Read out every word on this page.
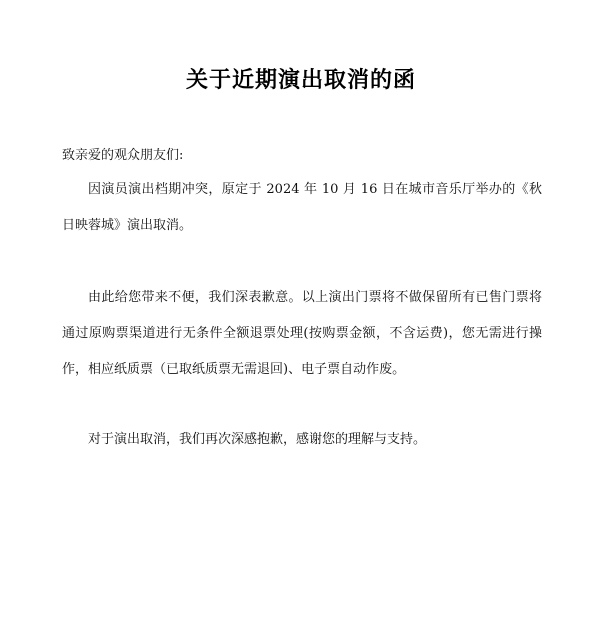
关于近期演出取消的函

致亲爱的观众朋友们:

因演员演出档期冲突，原定于 2024 年 10 月 16 日在城市音乐厅举办的《秋日映蓉城》演出取消。

由此给您带来不便，我们深表歉意。以上演出门票将不做保留所有已售门票将通过原购票渠道进行无条件全额退票处理(按购票金额，不含运费)，您无需进行操作，相应纸质票（已取纸质票无需退回)、电子票自动作废。

对于演出取消，我们再次深感抱歉，感谢您的理解与支持。
